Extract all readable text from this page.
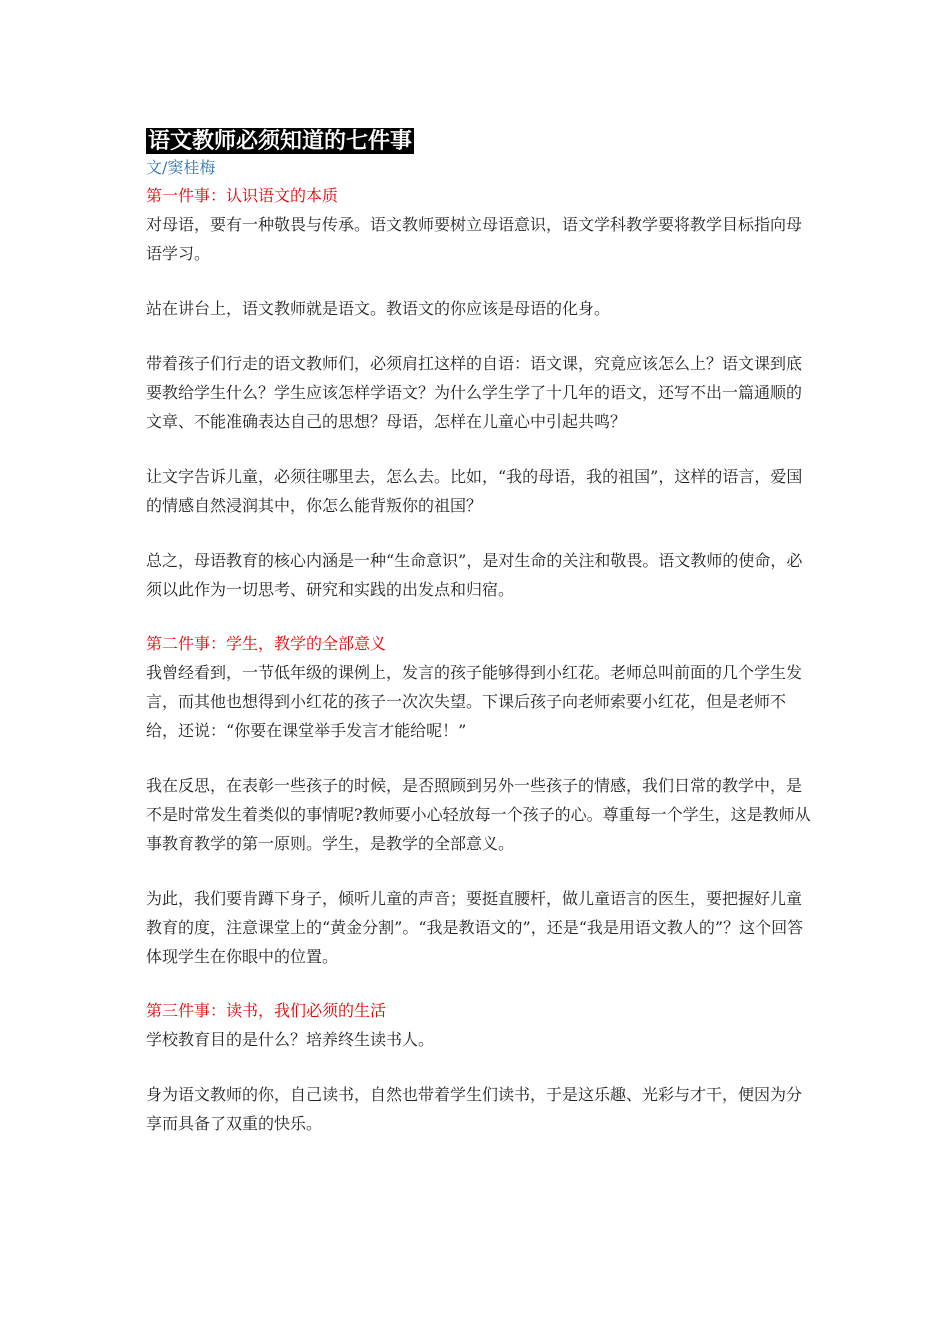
语文教师必须知道的七件事
文/窦桂梅
第一件事：认识语文的本质

对母语，要有一种敬畏与传承。语文教师要树立母语意识，语文学科教学要将教学目标指向母语学习。

站在讲台上，语文教师就是语文。教语文的你应该是母语的化身。

带着孩子们行走的语文教师们，必须肩扛这样的自语：语文课，究竟应该怎么上？语文课到底要教给学生什么？学生应该怎样学语文？为什么学生学了十几年的语文，还写不出一篇通顺的文章、不能准确表达自己的思想？母语，怎样在儿童心中引起共鸣？

让文字告诉儿童，必须往哪里去，怎么去。比如，“我的母语，我的祖国”，这样的语言，爱国的情感自然浸润其中，你怎么能背叛你的祖国？

总之，母语教育的核心内涵是一种“生命意识”，是对生命的关注和敬畏。语文教师的使命，必须以此作为一切思考、研究和实践的出发点和归宿。

第二件事：学生，教学的全部意义

我曾经看到，一节低年级的课例上，发言的孩子能够得到小红花。老师总叫前面的几个学生发言，而其他也想得到小红花的孩子一次次失望。下课后孩子向老师索要小红花，但是老师不给，还说：“你要在课堂举手发言才能给呢！”

我在反思，在表彰一些孩子的时候，是否照顾到另外一些孩子的情感，我们日常的教学中，是不是时常发生着类似的事情呢?教师要小心轻放每一个孩子的心。尊重每一个学生，这是教师从事教育教学的第一原则。学生，是教学的全部意义。

为此，我们要肯蹲下身子，倾听儿童的声音；要挺直腰杆，做儿童语言的医生，要把握好儿童教育的度，注意课堂上的“黄金分割”。“我是教语文的”，还是“我是用语文教人的”？这个回答体现学生在你眼中的位置。

第三件事：读书，我们必须的生活

学校教育目的是什么？培养终生读书人。

身为语文教师的你，自己读书，自然也带着学生们读书，于是这乐趣、光彩与才干，便因为分享而具备了双重的快乐。
